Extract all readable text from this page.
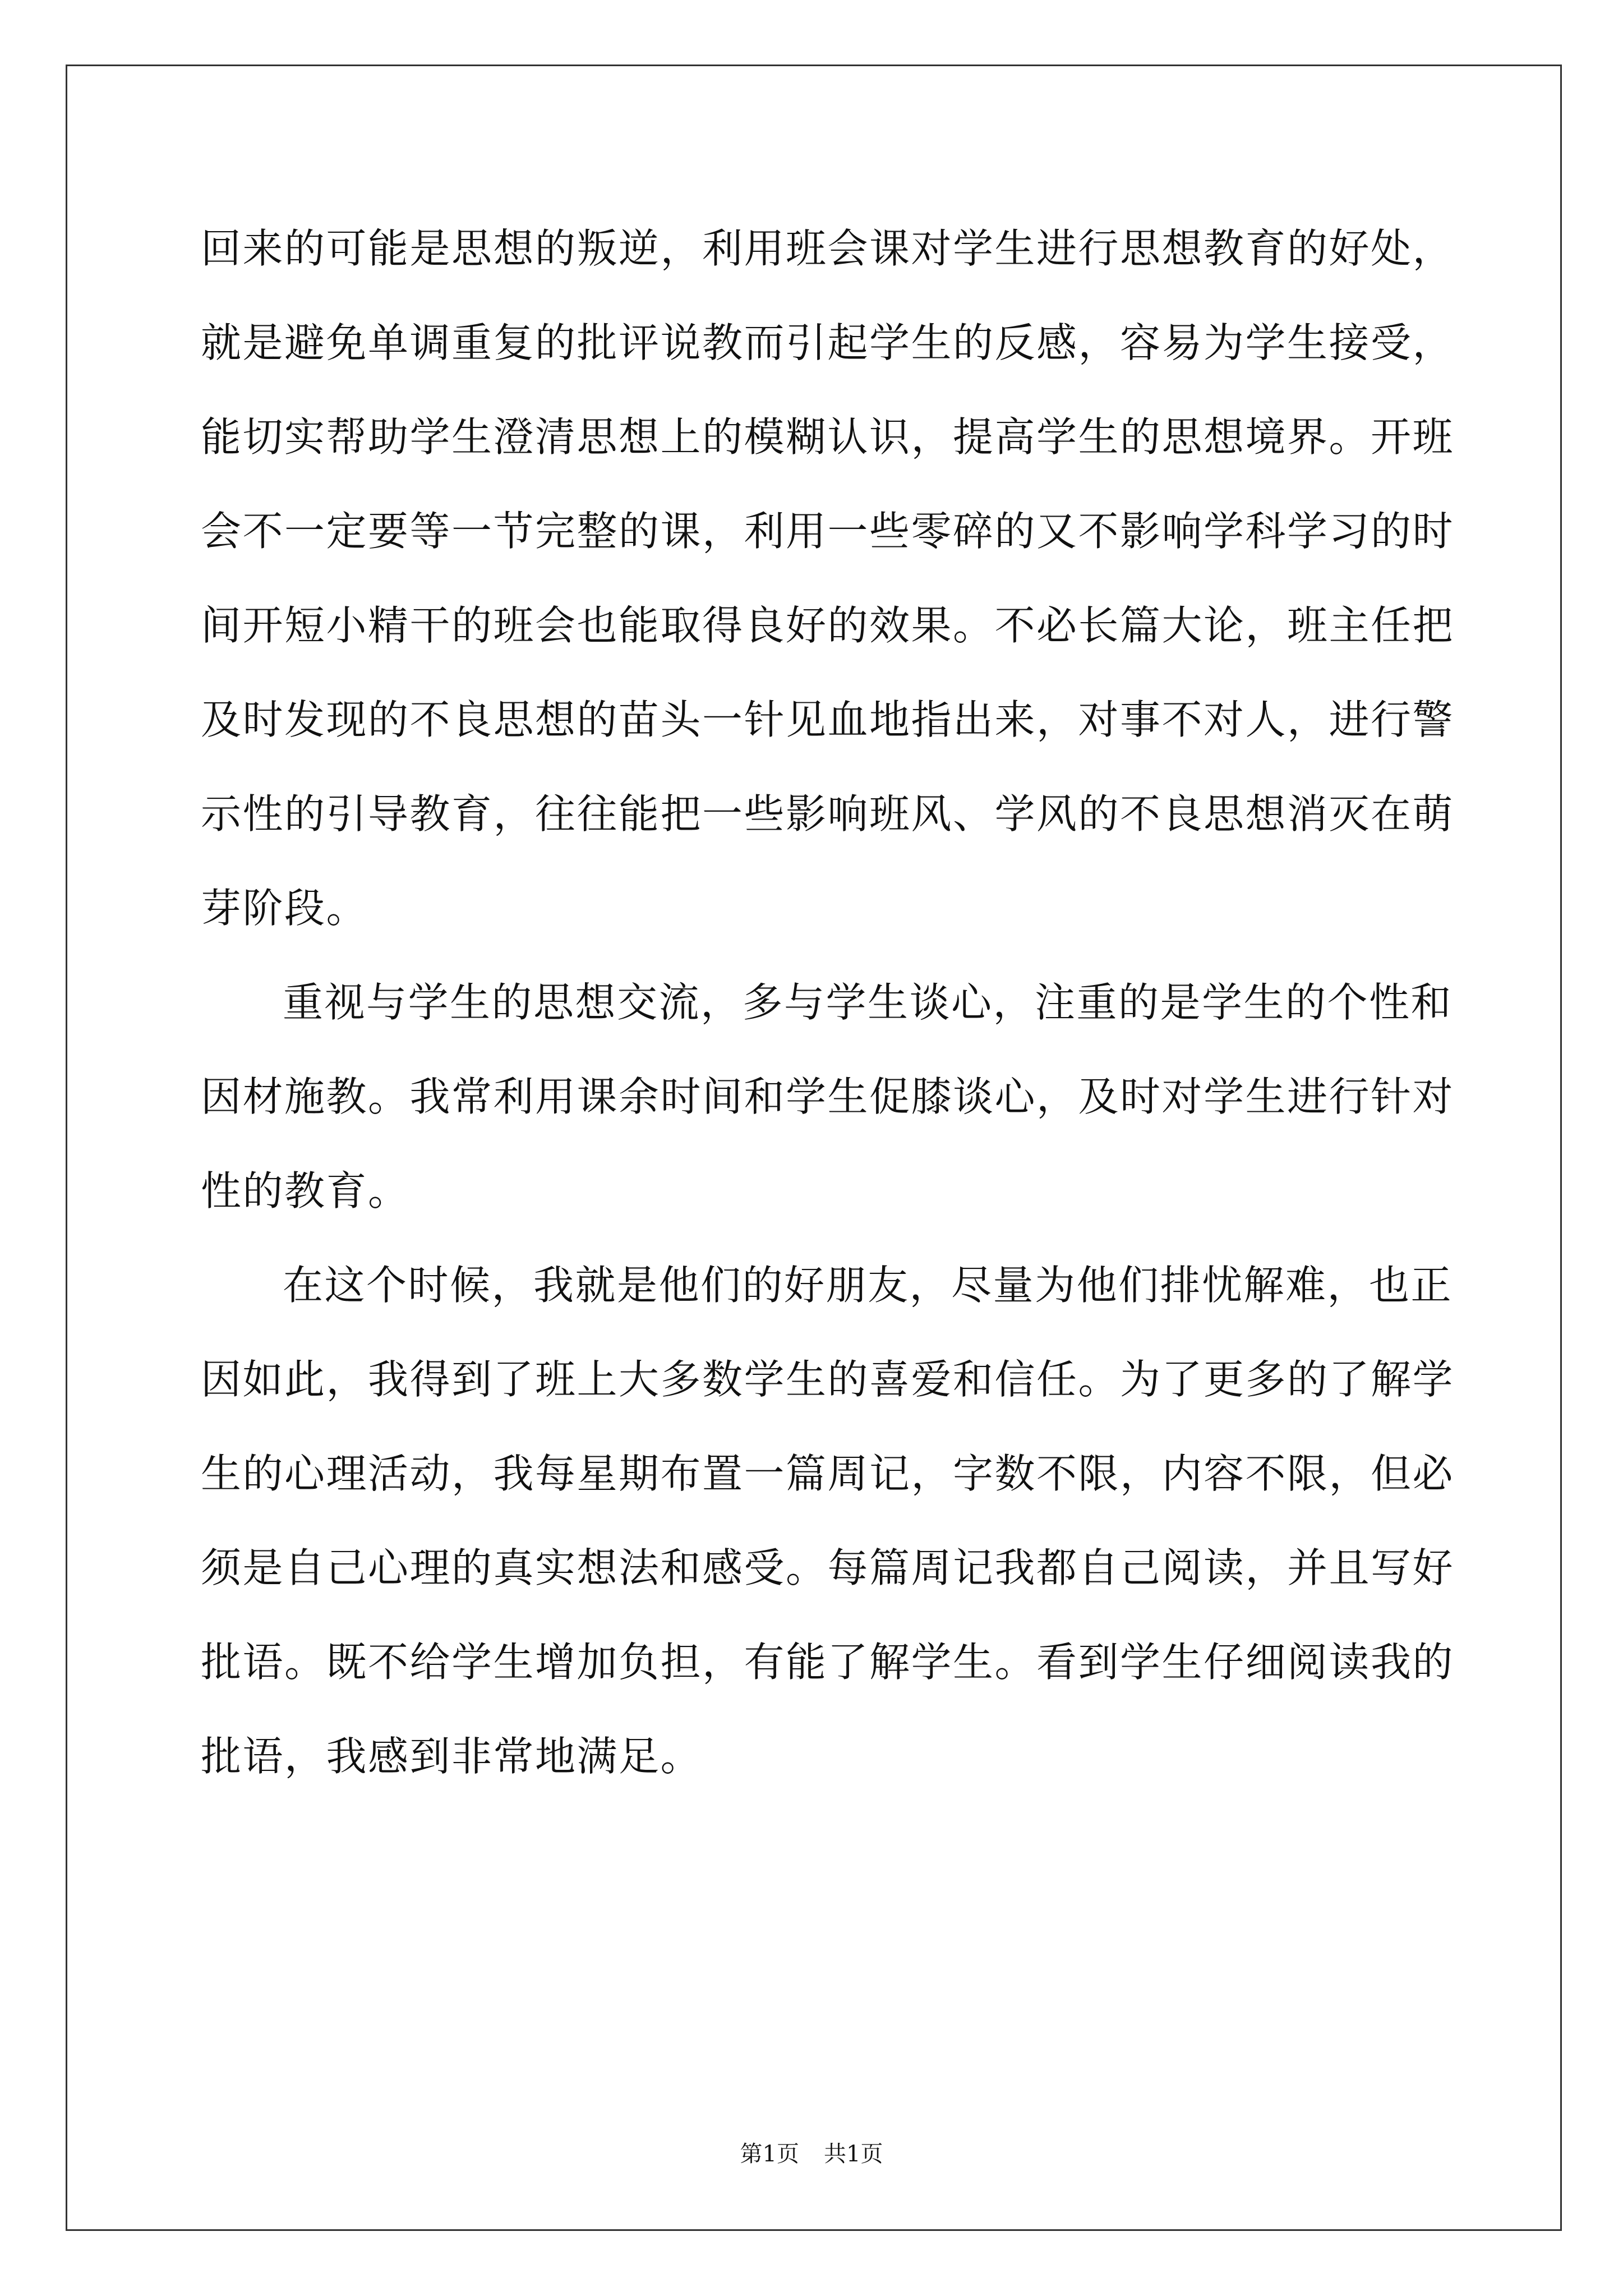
回来的可能是思想的叛逆，利用班会课对学生进行思想教育的好处，
就是避免单调重复的批评说教而引起学生的反感，容易为学生接受，
能切实帮助学生澄清思想上的模糊认识，提高学生的思想境界。开班
会不一定要等一节完整的课，利用一些零碎的又不影响学科学习的时
间开短小精干的班会也能取得良好的效果。不必长篇大论，班主任把
及时发现的不良思想的苗头一针见血地指出来，对事不对人，进行警
示性的引导教育，往往能把一些影响班风、学风的不良思想消灭在萌
芽阶段。
重视与学生的思想交流，多与学生谈心，注重的是学生的个性和
因材施教。我常利用课余时间和学生促膝谈心，及时对学生进行针对
性的教育。
在这个时候，我就是他们的好朋友，尽量为他们排忧解难，也正
因如此，我得到了班上大多数学生的喜爱和信任。为了更多的了解学
生的心理活动，我每星期布置一篇周记，字数不限，内容不限，但必
须是自己心理的真实想法和感受。每篇周记我都自己阅读，并且写好
批语。既不给学生增加负担，有能了解学生。看到学生仔细阅读我的
批语，我感到非常地满足。
第1页 共1页
